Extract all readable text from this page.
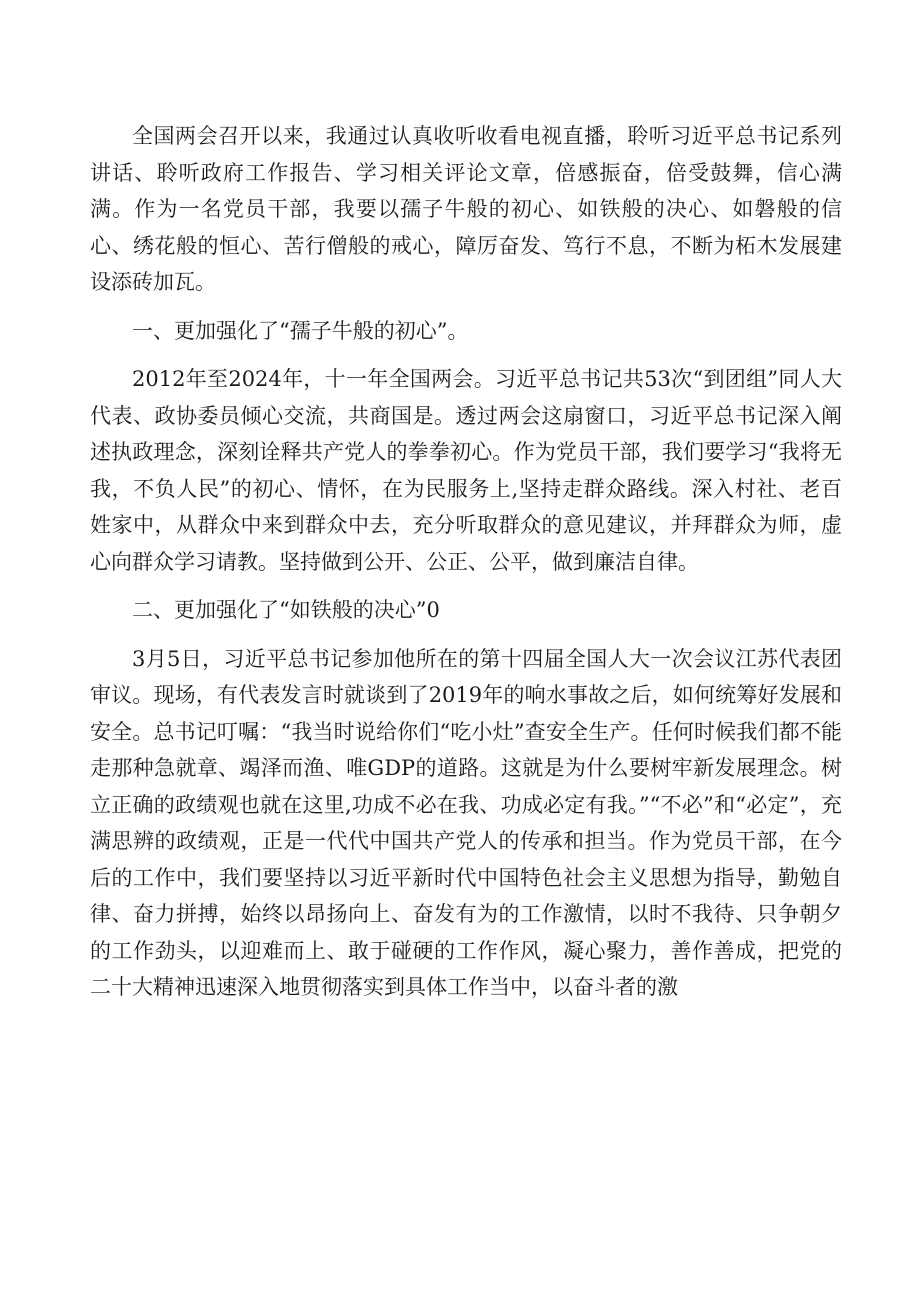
全国两会召开以来，我通过认真收听收看电视直播，聆听习近平总书记系列讲话、聆听政府工作报告、学习相关评论文章，倍感振奋，倍受鼓舞，信心满满。作为一名党员干部，我要以孺子牛般的初心、如铁般的决心、如磐般的信心、绣花般的恒心、苦行僧般的戒心，障厉奋发、笃行不息，不断为柘木发展建设添砖加瓦。

一、更加强化了“孺子牛般的初心”。

2012年至2024年，十一年全国两会。习近平总书记共53次“到团组”同人大代表、政协委员倾心交流，共商国是。透过两会这扇窗口，习近平总书记深入阐述执政理念，深刻诠释共产党人的拳拳初心。作为党员干部，我们要学习“我将无我，不负人民”的初心、情怀，在为民服务上,坚持走群众路线。深入村社、老百姓家中，从群众中来到群众中去，充分听取群众的意见建议，并拜群众为师，虚心向群众学习请教。坚持做到公开、公正、公平，做到廉洁自律。

二、更加强化了“如铁般的决心”0

3月5日，习近平总书记参加他所在的第十四届全国人大一次会议江苏代表团审议。现场，有代表发言时就谈到了2019年的响水事故之后，如何统筹好发展和安全。总书记叮嘱：“我当时说给你们“吃小灶”查安全生产。任何时候我们都不能走那种急就章、竭泽而渔、唯GDP的道路。这就是为什么要树牢新发展理念。树立正确的政绩观也就在这里,功成不必在我、功成必定有我。”“不必”和“必定”，充满思辨的政绩观，正是一代代中国共产党人的传承和担当。作为党员干部，在今后的工作中，我们要坚持以习近平新时代中国特色社会主义思想为指导，勤勉自律、奋力拼搏，始终以昂扬向上、奋发有为的工作激情，以时不我待、只争朝夕的工作劲头，以迎难而上、敢于碰硬的工作作风，凝心聚力，善作善成，把党的二十大精神迅速深入地贯彻落实到具体工作当中，以奋斗者的激
